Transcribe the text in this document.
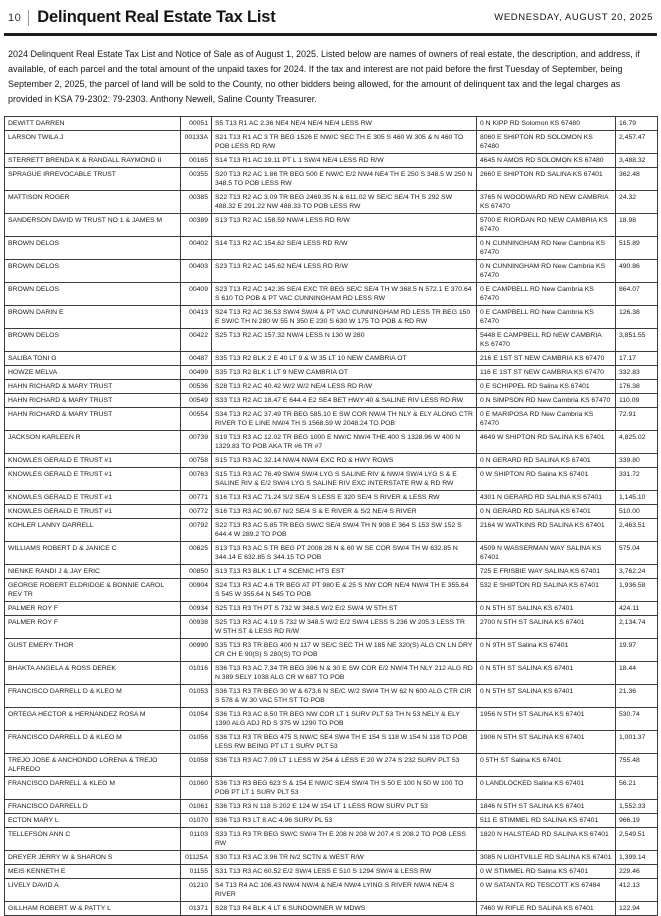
10 Delinquent Real Estate Tax List	WEDNESDAY, AUGUST 20, 2025

2024 Delinquent Real Estate Tax List and Notice of Sale as of August 1, 2025. Listed below are names of owners of real estate, the description, and address, if available, of each parcel and the total amount of the unpaid taxes for 2024. If the tax and interest are not paid before the first Tuesday of September, being September 2, 2025, the parcel of land will be sold to the County, no other bidders being allowed, for the amount of delinquent tax and the legal charges as provided in KSA 79-2302: 79-2303. Anthony Newell, Saline County Treasurer.

DEWITT DARREN	00051	S5 T13 R1 AC 2.36 NE4 NE/4 NE/4 NE/4 LESS RW	0 N KIPP RD Solomon KS 67480	16.79
LARSON TWILA J	00133A	S21 T13 R1 AC 3 TR BEG 1526 E NW/C SEC TH E 305 S 460 W 305 & N 460 TO POB LESS RD R/W	8060 E SHIPTON RD SOLOMON KS 67480	2,457.47
STERRETT BRENDA K & RANDALL RAYMOND II	00165	S14 T13 R1 AC 19.11 PT L 1 SW/4 NE/4 LESS RD R/W	4645 N AMOS RD SOLOMON KS 67480	3,488.32
SPRAGUE IRREVOCABLE TRUST	00355	S20 T13 R2 AC 1.86 TR BEG 500 E NW/C E/2 NW4 NE4 TH E 250 S 348.5 W 250 N 348.5 TO POB LESS RW	2660 E SHIPTON RD SALINA KS 67401	362.48
MATTISON ROGER	00385	S22 T13 R2 AC 3.09 TR BEG 2469.35 N & 611.02 W SE/C SE/4 TH S 292 SW 488.32 E 291.22 NW 488.33 TO POB LESS RW	3765 N WOODWARD RD NEW CAMBRIA KS 67470	24.32
SANDERSON DAVID W TRUST NO 1 & JAMES M	00389	S13 T13 R2 AC 158.59 NW/4 LESS RD R/W	5700 E RIORDAN RD NEW CAMBRIA KS 67470	18.98
BROWN DELOS	00402	S14 T13 R2 AC 154.62 SE/4 LESS RD R/W	0 N CUNNINGHAM RD New Cambria KS 67470	515.89
BROWN DELOS	00403	S23 T13 R2 AC 145.62 NE/4 LESS RD R/W	0 N CUNNINGHAM RD New Cambria KS 67470	490.86
BROWN DELOS	00409	S23 T13 R2 AC 142.35 SE/4 EXC TR BEG SE/C SE/4 TH W 368.5 N 572.1 E 370.64 S 610 TO POB & PT VAC CUNNINGHAM RD LESS RW	0 E CAMPBELL RD New Cambria KS 67470	864.07
BROWN DARIN E	00413	S24 T13 R2 AC 36.53 SW/4 SW/4 & PT VAC CUNNINGHAM RD LESS TR BEG 150 E SW/C TH N 280 W 55 N 350 E 230 S 630 W 175 TO POB & RD RW	0 E CAMPBELL RD New Cambria KS 67470	126.38
BROWN DELOS	00422	S25 T13 R2 AC 157.32 NW/4 LESS N 130 W 280	5448 E CAMPBELL RD NEW CAMBRIA KS 67470	3,851.55
SALIBA TONI G	00487	S35 T13 R2 BLK 2 E 40 LT 9 & W 35 LT 10 NEW CAMBRIA OT	216 E 1ST ST NEW CAMBRIA KS 67470	17.17
HOWZE MELVA	00499	S35 T13 R2 BLK 1 LT 9 NEW CAMBRIA OT	116 E 1ST ST NEW CAMBRIA KS 67470	332.83
HAHN RICHARD & MARY TRUST	00536	S28 T13 R2 AC 40.42 W/2 W/2 NE/4 LESS RD R/W	0 E SCHIPPEL RD Salina KS 67401	176.38
HAHN RICHARD & MARY TRUST	00549	S33 T13 R2 AC 18.47 E 644.4 E2 SE4 BET HWY 40 & SALINE RIV LESS RD RW	0 N SIMPSON RD New Cambria KS 67470	110.09
HAHN RICHARD & MARY TRUST	00554	S34 T13 R2 AC 37.49 TR BEG 585.10 E SW COR NW/4 TH NLY & ELY ALONG CTR RIVER TO E LINE NW/4 TH S 1568.59 W 2048.24 TO POB	0 E MARIPOSA RD New Cambria KS 67470	72.91
JACKSON KARLEEN R	00739	S19 T13 R3 AC 12.02 TR BEG 1000 E NW/C NW/4 THE 400 S 1328.96 W 400 N 1329.83 TO POB AKA TR #6 TR #7	4649 W SHIPTON RD SALINA KS 67401	4,825.02
KNOWLES GERALD E TRUST #1	00758	S15 T13 R3 AC 32.14 NW/4 NW/4 EXC RD & HWY ROWS	0 N GERARD RD SALINA KS 67401	339.80
KNOWLES GERALD E TRUST #1	00763	S15 T13 R3 AC 76.49 SW/4 SW/4 LYG S SALINE RIV & NW/4 SW/4 LYG S & E SALINE RIV & E/2 SW/4 LYG S SALINE RIV EXC INTERSTATE RW & RD RW	0 W SHIPTON RD Salina KS 67401	331.72
KNOWLES GERALD E TRUST #1	00771	S16 T13 R3 AC 71.24 S/2 SE/4 S LESS E 320 SE/4 S RIVER & LESS RW	4301 N GERARD RD SALINA KS 67401	1,145.10
KNOWLES GERALD E TRUST #1	00772	S16 T13 R3 AC 90.67 N/2 SE/4 S & E RIVER & S/2 NE/4 S RIVER	0 N GERARD RD SALINA KS 67401	510.00
KOHLER LANNY DARRELL	00792	S22 T13 R3 AC 5.85 TR BEG SW/C SE/4 SW/4 TH N 908 E 364 S 153 SW 152 S 644.4 W 289.2 TO POB	2164 W WATKINS RD SALINA KS 67401	2,463.51
WILLIAMS ROBERT D & JANICE C	00825	S13 T13 R3 AC 5 TR BEG PT 2008.28 N & 60 W SE COR SW/4 TH W 632.85 N 344.14 E 632.85 S 344.15 TO POB	4509 N WASSERMAN WAY SALINA KS 67401	575.04
NIENKE RANDI J & JAY ERIC	00850	S13 T13 R3 BLK 1 LT 4 SCENIC HTS EST	725 E FRISBIE WAY SALINA KS 67401	3,762.24
GEORGE ROBERT ELDRIDGE & BONNIE CAROL REV TR	00904	S24 T13 R3 AC 4.6 TR BEG AT PT 980 E & 25 S NW COR NE/4 NW/4 TH E 355.64 S 545 W 355.64 N 545 TO POB	532 E SHIPTON RD SALINA KS 67401	1,936.58
PALMER ROY F	00934	S25 T13 R3 TH PT S 732 W 348.5 W/2 E/2 SW/4 W 5TH ST	0 N 5TH ST SALINA KS 67401	424.11
PALMER ROY F	00938	S25 T13 R3 AC 4.19 S 732 W 348.5 W/2 E/2 SW/4 LESS S 236 W 205.3 LESS TR W 5TH ST & LESS RD R/W	2700 N 5TH ST SALINA KS 67401	2,134.74
GUST EMERY THOR	00990	S35 T13 R3 TR BEG 400 N 117 W SE/C SEC TH W 185 NE 320(S) ALG CN LN DRY CR CH E 90(S) S 280(S) TO POB	0 N 9TH ST Salina KS 67401	19.97
BHAKTA ANGELA & ROSS DEREK	01016	S36 T13 R3 AC 7.34 TR BEG 396 N & 30 E SW COR E/2 NW/4 TH NLY 212 ALG RD N 389 SELY 1038 ALG CR W 687 TO POB	0 N 5TH ST SALINA KS 67401	18.44
FRANCISCO DARRELL D & KLEO M	01053	S36 T13 R3 TR BEG 30 W & 673.6 N SE/C W/2 SW/4 TH W 62 N 600 ALG CTR CIR S 578 & W 30 VAC 5TH ST TO POB	0 N 5TH ST SALINA KS 67401	21.36
ORTEGA HECTOR & HERNANDEZ ROSA M	01054	S36 T13 R3 AC 8.50 TR BEG NW COR LT 1 SURV PLT 53 TH N 53 NELY & ELY 1390 ALG ADJ RD S 375 W 1290 TO POB	1956 N 5TH ST SALINA KS 67401	530.74
FRANCISCO DARRELL D & KLEO M	01056	S36 T13 R3 TR BEG 475 S NW/C SE4 SW4 TH E 154 S 118 W 154 N 118 TO POB LESS RW BEING PT LT 1 SURV PLT 53	1906 N 5TH ST SALINA KS 67401	1,001.37
TREJO JOSE & ANCHONDO LORENA & TREJO ALFREDO	01058	S36 T13 R3 AC 7.09 LT 1 LESS W 254 & LESS E 20 W 274 S 232 SURV PLT 53	0 5TH ST Salina KS 67401	755.48
FRANCISCO DARRELL & KLEO M	01060	S36 T13 R3 BEG 623 S & 154 E NW/C SE/4 SW/4 TH S 50 E 100 N 50 W 100 TO POB PT LT 1 SURV PLT 53	0 LANDLOCKED Salina KS 67401	56.21
FRANCISCO DARRELL D	01061	S36 T13 R3 N 118 S 202 E 124 W 154 LT 1 LESS ROW SURV PLT 53	1846 N 5TH ST SALINA KS 67401	1,552.33
ECTON MARY L	01070	S36 T13 R3 LT 8 AC 4.96 SURV PL 53	511 E STIMMEL RD SALINA KS 67401	966.19
TELLEFSON ANN C	01103	S33 T13 R3 TR BEG SW/C SW/4 TH E 208 N 208 W 207.4 S 208.2 TO POB LESS RW	1820 N HALSTEAD RD SALINA KS 67401	2,549.51
DREYER JERRY W & SHARON S	01125A	S30 T13 R3 AC 3.96 TR N/2 SCTN & WEST R/W	3085 N LIGHTVILLE RD SALINA KS 67401	1,399.14
MEIS KENNETH E	01155	S31 T13 R3 AC 60.52 E/2 SW/4 LESS E 510 S 1294 SW/4 & LESS RW	0 W STIMMEL RD Salina KS 67401	229.46
LIVELY DAVID A	01210	S4 T13 R4 AC 106.43 NW/4 NW/4 & NE/4 NW/4 LYING S RIVER NW/4 NE/4 S RIVER	0 W SATANTA RD TESCOTT KS 67484	412.13
GILLHAM ROBERT W & PATTY L	01371	S28 T13 R4 BLK 4 LT 6 SUNDOWNER W MDWS	7460 W RIFLE RD SALINA KS 67401	122.94
